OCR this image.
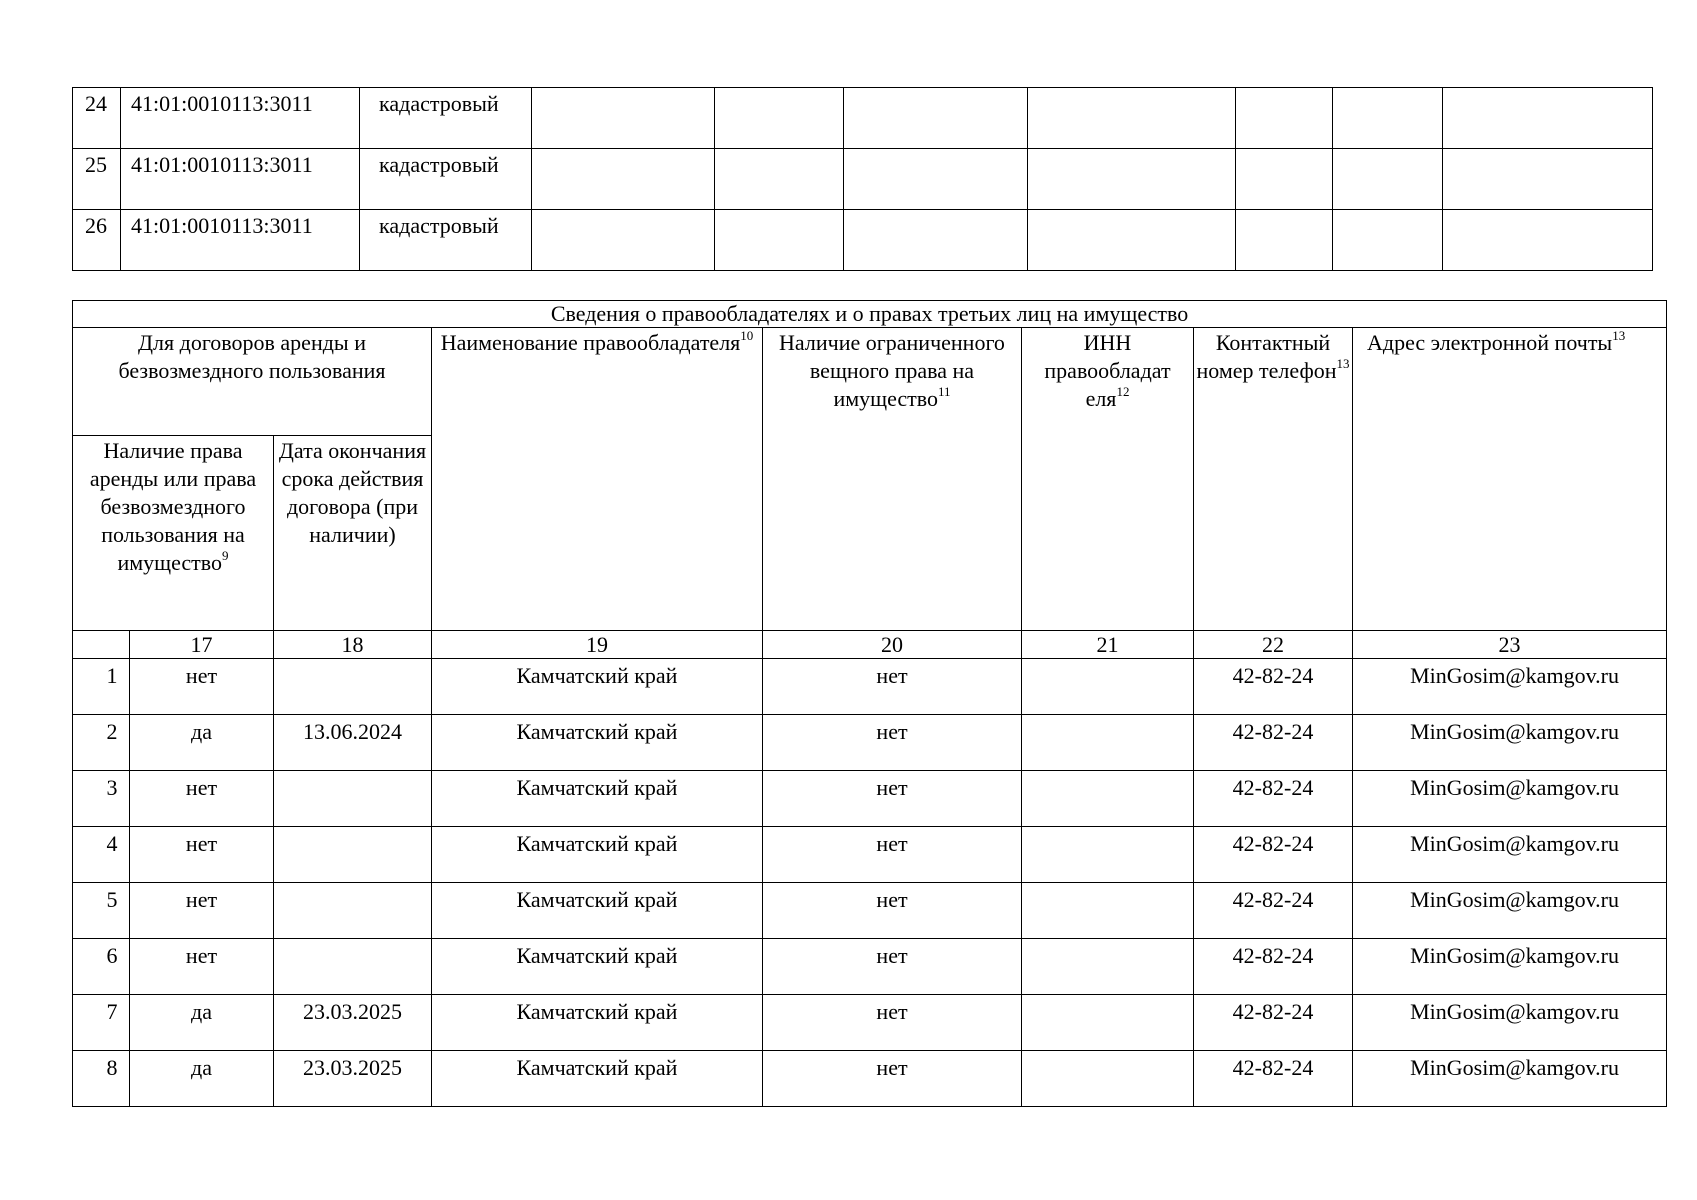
24	41:01:0010113:3011	кадастровый							
25	41:01:0010113:3011	кадастровый							
26	41:01:0010113:3011	кадастровый							
Сведения о правообладателях и о правах третьих лиц на имущество							
Для договоров аренды и безвозмездного пользования			Наименование правообладателя$^{10}$	Наличие ограниченного вещного права на имущество$^{11}$	ИНН правообладат еля$^{12}$	Контактный номер телефон$^{13}$	Адрес электронной почты$^{13}$
Наличие права аренды или права безвозмездного пользования на имущество$^9$		Дата окончания срока действия договора (при наличии)					
	17	18	19	20	21	22	23
1	нет		Камчатский край	нет		42-82-24	MinGosim@kamgov.ru
2	да	13.06.2024	Камчатский край	нет		42-82-24	MinGosim@kamgov.ru
3	нет		Камчатский край	нет		42-82-24	MinGosim@kamgov.ru
4	нет		Камчатский край	нет		42-82-24	MinGosim@kamgov.ru
5	нет		Камчатский край	нет		42-82-24	MinGosim@kamgov.ru
6	нет		Камчатский край	нет		42-82-24	MinGosim@kamgov.ru
7	да	23.03.2025	Камчатский край	нет		42-82-24	MinGosim@kamgov.ru
8	да	23.03.2025	Камчатский край	нет		42-82-24	MinGosim@kamgov.ru
